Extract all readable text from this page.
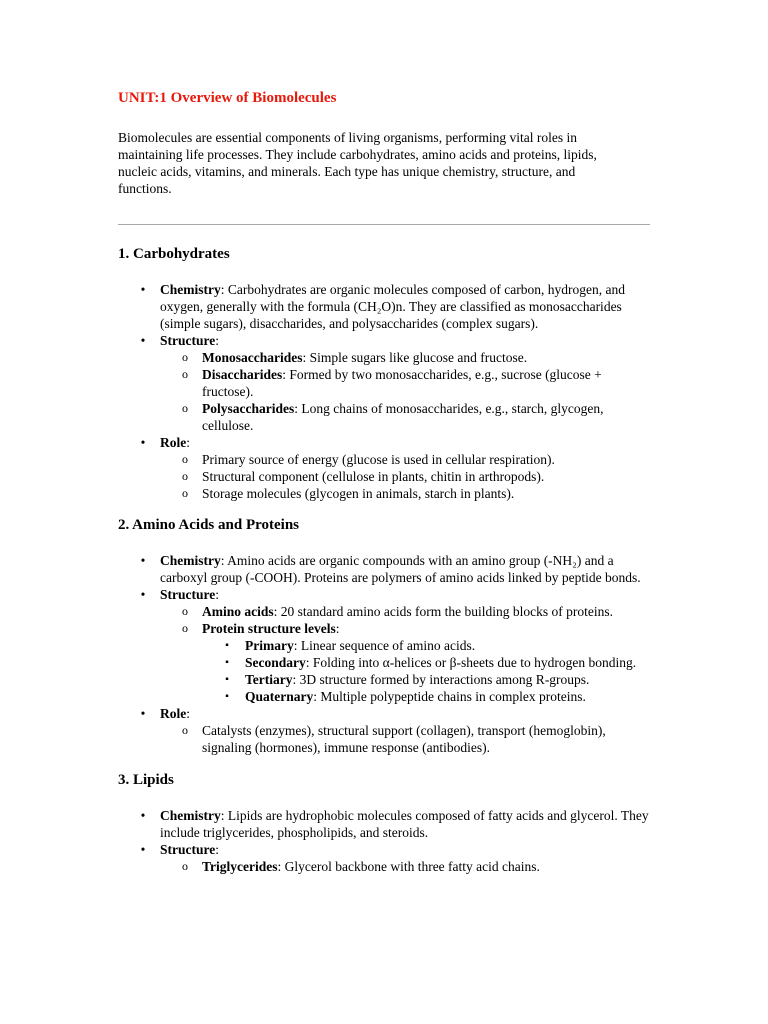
UNIT:1 Overview of Biomolecules

Biomolecules are essential components of living organisms, performing vital roles in maintaining life processes. They include carbohydrates, amino acids and proteins, lipids, nucleic acids, vitamins, and minerals. Each type has unique chemistry, structure, and functions.

1. Carbohydrates
• Chemistry: Carbohydrates are organic molecules composed of carbon, hydrogen, and oxygen, generally with the formula (CH₂O)n. They are classified as monosaccharides (simple sugars), disaccharides, and polysaccharides (complex sugars).
• Structure:
o Monosaccharides: Simple sugars like glucose and fructose.
o Disaccharides: Formed by two monosaccharides, e.g., sucrose (glucose + fructose).
o Polysaccharides: Long chains of monosaccharides, e.g., starch, glycogen, cellulose.
• Role:
o Primary source of energy (glucose is used in cellular respiration).
o Structural component (cellulose in plants, chitin in arthropods).
o Storage molecules (glycogen in animals, starch in plants).
2. Amino Acids and Proteins
• Chemistry: Amino acids are organic compounds with an amino group (-NH₂) and a carboxyl group (-COOH). Proteins are polymers of amino acids linked by peptide bonds.
• Structure:
o Amino acids: 20 standard amino acids form the building blocks of proteins.
o Protein structure levels:
▪ Primary: Linear sequence of amino acids.
▪ Secondary: Folding into α-helices or β-sheets due to hydrogen bonding.
▪ Tertiary: 3D structure formed by interactions among R-groups.
▪ Quaternary: Multiple polypeptide chains in complex proteins.
• Role:
o Catalysts (enzymes), structural support (collagen), transport (hemoglobin), signaling (hormones), immune response (antibodies).
3. Lipids
• Chemistry: Lipids are hydrophobic molecules composed of fatty acids and glycerol. They include triglycerides, phospholipids, and steroids.
• Structure:
o Triglycerides: Glycerol backbone with three fatty acid chains.
